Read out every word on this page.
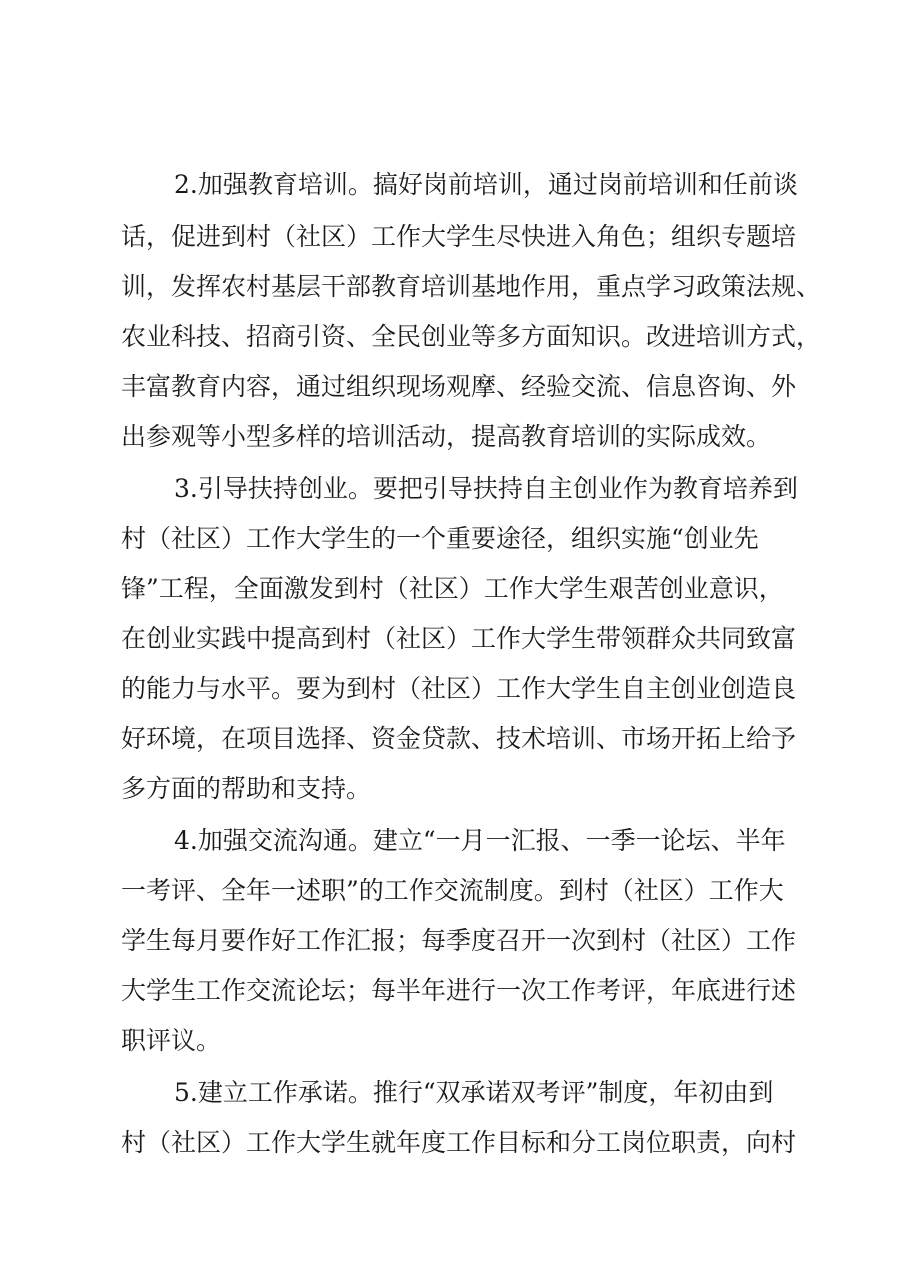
2.加强教育培训。搞好岗前培训，通过岗前培训和任前谈
话，促进到村（社区）工作大学生尽快进入角色；组织专题培
训，发挥农村基层干部教育培训基地作用，重点学习政策法规、
农业科技、招商引资、全民创业等多方面知识。改进培训方式，
丰富教育内容，通过组织现场观摩、经验交流、信息咨询、外
出参观等小型多样的培训活动，提高教育培训的实际成效。
3.引导扶持创业。要把引导扶持自主创业作为教育培养到
村（社区）工作大学生的一个重要途径，组织实施“创业先
锋”工程，全面激发到村（社区）工作大学生艰苦创业意识，
在创业实践中提高到村（社区）工作大学生带领群众共同致富
的能力与水平。要为到村（社区）工作大学生自主创业创造良
好环境，在项目选择、资金贷款、技术培训、市场开拓上给予
多方面的帮助和支持。
4.加强交流沟通。建立“一月一汇报、一季一论坛、半年
一考评、全年一述职”的工作交流制度。到村（社区）工作大
学生每月要作好工作汇报；每季度召开一次到村（社区）工作
大学生工作交流论坛；每半年进行一次工作考评，年底进行述
职评议。
5.建立工作承诺。推行“双承诺双考评”制度，年初由到
村（社区）工作大学生就年度工作目标和分工岗位职责，向村
